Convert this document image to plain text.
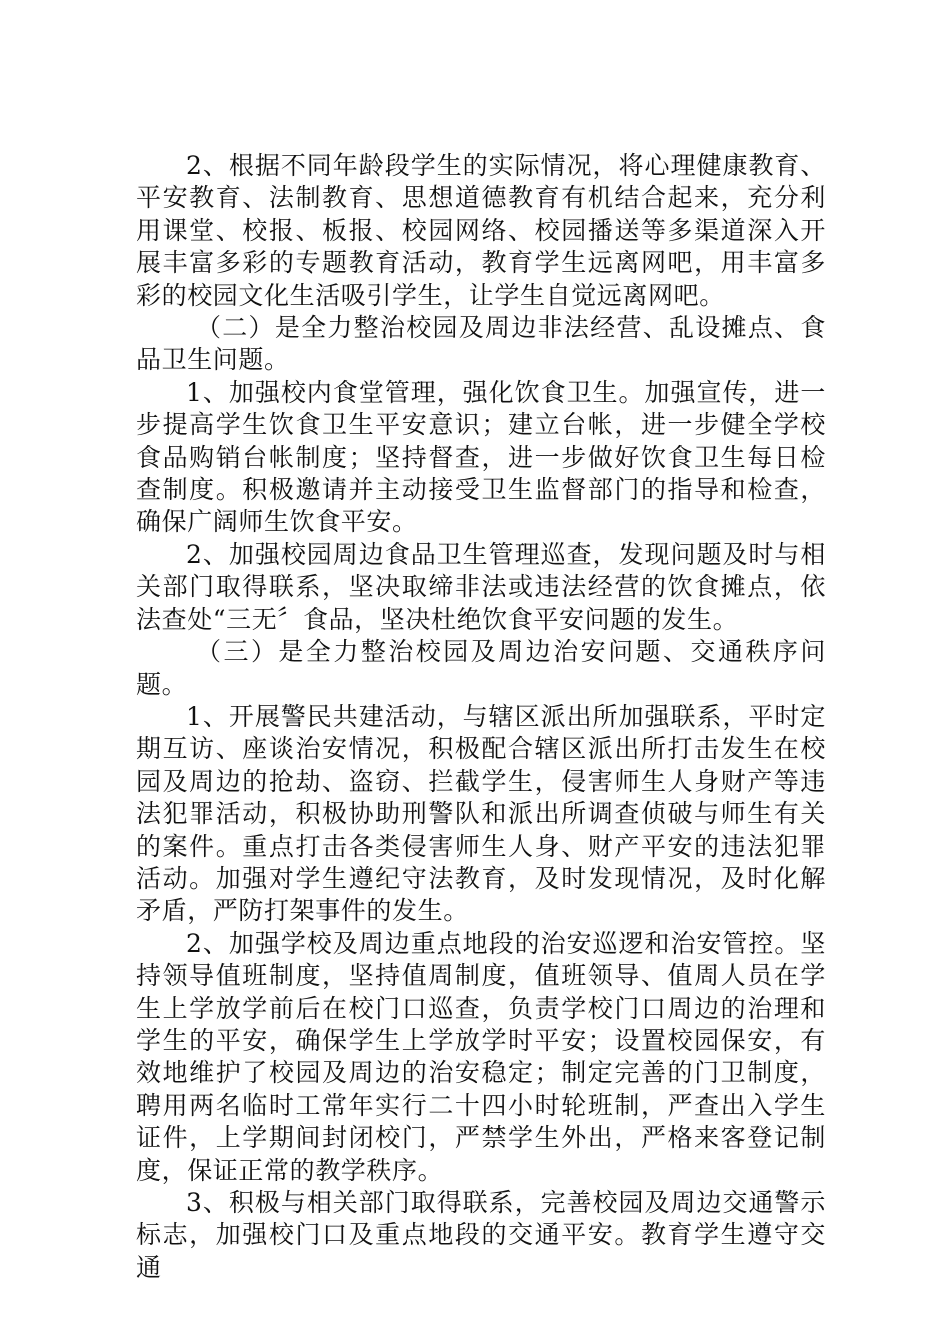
2、根据不同年龄段学生的实际情况，将心理健康教育、平安教育、法制教育、思想道德教育有机结合起来，充分利用课堂、校报、板报、校园网络、校园播送等多渠道深入开展丰富多彩的专题教育活动，教育学生远离网吧，用丰富多彩的校园文化生活吸引学生，让学生自觉远离网吧。

（二）是全力整治校园及周边非法经营、乱设摊点、食品卫生问题。

1、加强校内食堂管理，强化饮食卫生。加强宣传，进一步提高学生饮食卫生平安意识；建立台帐，进一步健全学校食品购销台帐制度；坚持督查，进一步做好饮食卫生每日检查制度。积极邀请并主动接受卫生监督部门的指导和检查，确保广阔师生饮食平安。

2、加强校园周边食品卫生管理巡查，发现问题及时与相关部门取得联系，坚决取缔非法或违法经营的饮食摊点，依法查处“三无〞食品，坚决杜绝饮食平安问题的发生。

（三）是全力整治校园及周边治安问题、交通秩序问题。

1、开展警民共建活动，与辖区派出所加强联系，平时定期互访、座谈治安情况，积极配合辖区派出所打击发生在校园及周边的抢劫、盗窃、拦截学生，侵害师生人身财产等违法犯罪活动，积极协助刑警队和派出所调查侦破与师生有关的案件。重点打击各类侵害师生人身、财产平安的违法犯罪活动。加强对学生遵纪守法教育，及时发现情况，及时化解矛盾，严防打架事件的发生。

2、加强学校及周边重点地段的治安巡逻和治安管控。坚持领导值班制度，坚持值周制度，值班领导、值周人员在学生上学放学前后在校门口巡查，负责学校门口周边的治理和学生的平安，确保学生上学放学时平安；设置校园保安，有效地维护了校园及周边的治安稳定；制定完善的门卫制度，聘用两名临时工常年实行二十四小时轮班制，严查出入学生证件，上学期间封闭校门，严禁学生外出，严格来客登记制度，保证正常的教学秩序。

3、积极与相关部门取得联系，完善校园及周边交通警示标志，加强校门口及重点地段的交通平安。教育学生遵守交通
